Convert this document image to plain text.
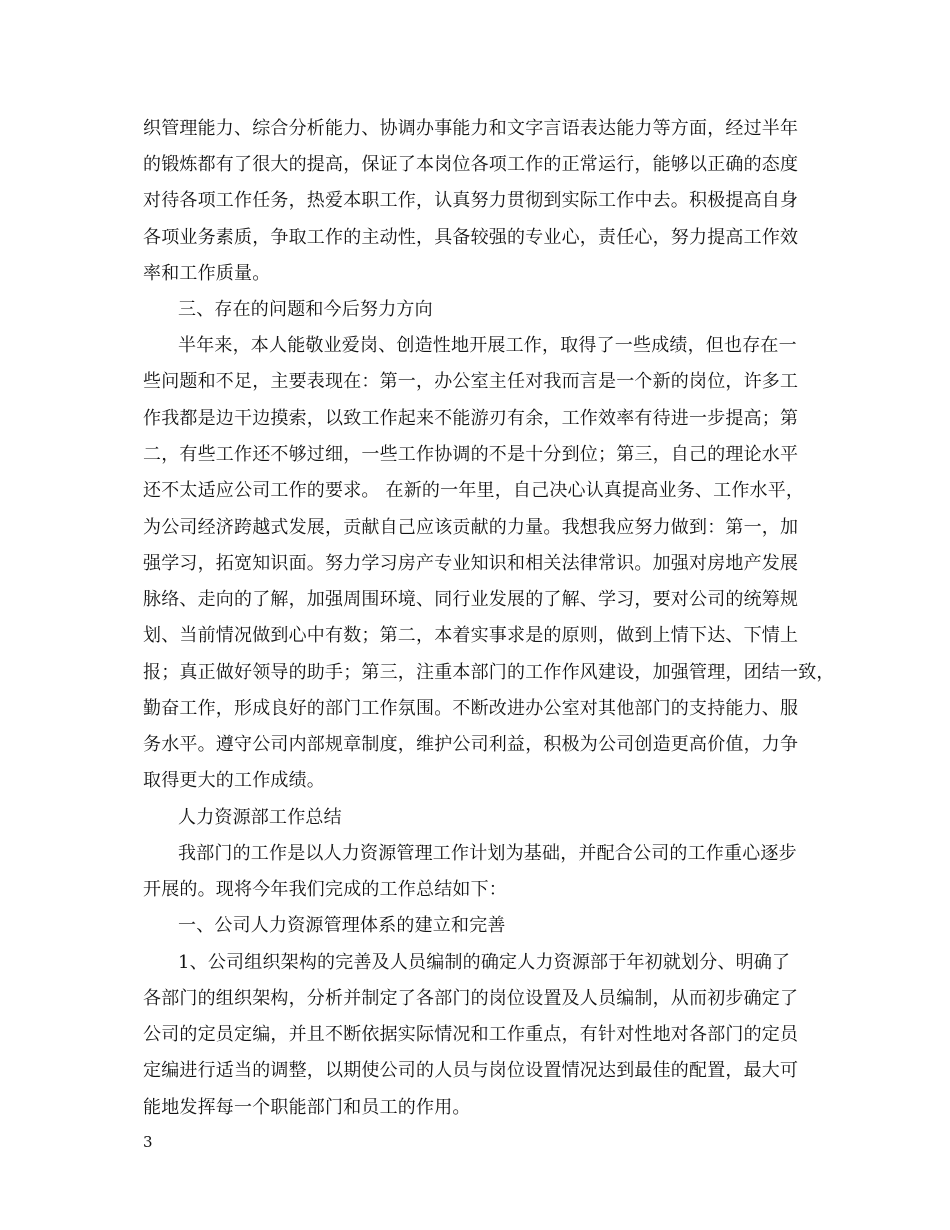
织管理能力、综合分析能力、协调办事能力和文字言语表达能力等方面，经过半年
的锻炼都有了很大的提高，保证了本岗位各项工作的正常运行，能够以正确的态度
对待各项工作任务，热爱本职工作，认真努力贯彻到实际工作中去。积极提高自身
各项业务素质，争取工作的主动性，具备较强的专业心，责任心，努力提高工作效
率和工作质量。
三、存在的问题和今后努力方向
半年来，本人能敬业爱岗、创造性地开展工作，取得了一些成绩，但也存在一
些问题和不足，主要表现在：第一，办公室主任对我而言是一个新的岗位，许多工
作我都是边干边摸索，以致工作起来不能游刃有余，工作效率有待进一步提高；第
二，有些工作还不够过细，一些工作协调的不是十分到位；第三，自己的理论水平
还不太适应公司工作的要求。 在新的一年里，自己决心认真提高业务、工作水平，
为公司经济跨越式发展，贡献自己应该贡献的力量。我想我应努力做到：第一，加
强学习，拓宽知识面。努力学习房产专业知识和相关法律常识。加强对房地产发展
脉络、走向的了解，加强周围环境、同行业发展的了解、学习，要对公司的统筹规
划、当前情况做到心中有数；第二，本着实事求是的原则，做到上情下达、下情上
报；真正做好领导的助手；第三，注重本部门的工作作风建设，加强管理，团结一致，
勤奋工作，形成良好的部门工作氛围。不断改进办公室对其他部门的支持能力、服
务水平。遵守公司内部规章制度，维护公司利益，积极为公司创造更高价值，力争
取得更大的工作成绩。
人力资源部工作总结
我部门的工作是以人力资源管理工作计划为基础，并配合公司的工作重心逐步
开展的。现将今年我们完成的工作总结如下：
一、公司人力资源管理体系的建立和完善
1、公司组织架构的完善及人员编制的确定人力资源部于年初就划分、明确了
各部门的组织架构，分析并制定了各部门的岗位设置及人员编制，从而初步确定了
公司的定员定编，并且不断依据实际情况和工作重点，有针对性地对各部门的定员
定编进行适当的调整，以期使公司的人员与岗位设置情况达到最佳的配置，最大可
能地发挥每一个职能部门和员工的作用。
3
